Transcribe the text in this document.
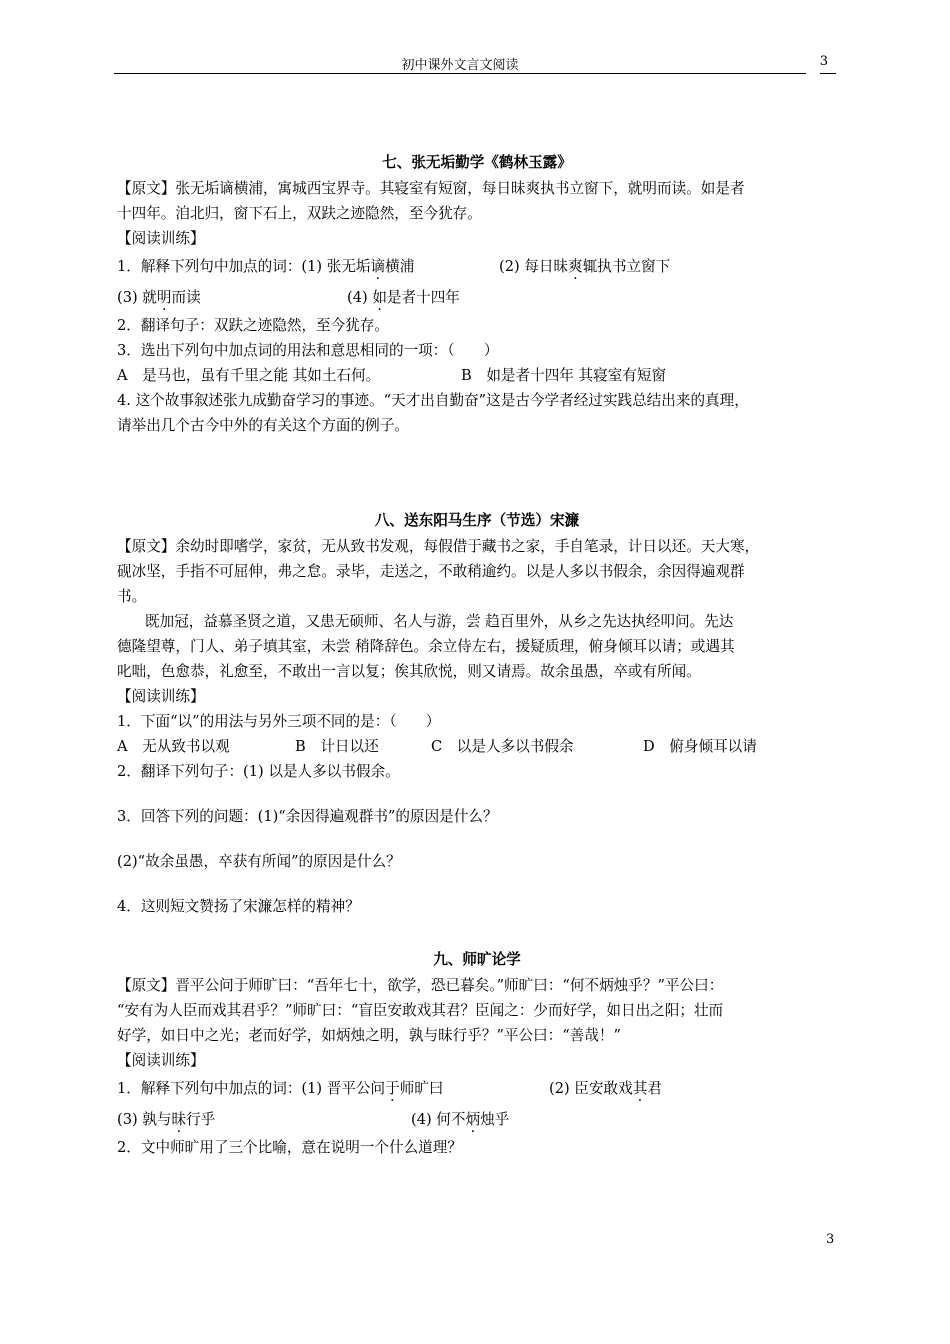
初中课外文言文阅读	3
七、张无垢勤学《鹤林玉露》
【原文】张无垢谪横浦，寓城西宝界寺。其寝室有短窗，每日昧爽执书立窗下，就明而读。如是者
十四年。洎北归，窗下石上，双趺之迹隐然，至今犹存。
【阅读训练】
1．解释下列句中加点的词：(1) 张无垢谪横浦	(2) 每日昧爽辄执书立窗下
(3) 就明而读	(4) 如是者十四年
2．翻译句子：双趺之迹隐然，至今犹存。
3．选出下列句中加点词的用法和意思相同的一项：（　　）
A　是马也，虽有千里之能 其如土石何。	B　如是者十四年 其寝室有短窗
4. 这个故事叙述张九成勤奋学习的事迹。“天才出自勤奋”这是古今学者经过实践总结出来的真理，
请举出几个古今中外的有关这个方面的例子。
八、送东阳马生序（节选）宋濂
【原文】余幼时即嗜学，家贫，无从致书发观，每假借于藏书之家，手自笔录，计日以还。天大寒，
砚冰坚，手指不可屈伸，弗之怠。录毕，走送之，不敢稍逾约。以是人多以书假余，余因得遍观群
书。
既加冠，益慕圣贤之道，又患无硕师、名人与游，尝 趋百里外，从乡之先达执经叩问。先达
德隆望尊，门人、弟子填其室，未尝 稍降辞色。余立侍左右，援疑质理，俯身倾耳以请；或遇其
叱咄，色愈恭，礼愈至，不敢出一言以复；俟其欣悦，则又请焉。故余虽愚，卒或有所闻。
【阅读训练】
1．下面“以”的用法与另外三项不同的是：（　　）
A　无从致书以观	B　计日以还	C　以是人多以书假余	D　俯身倾耳以请
2．翻译下列句子：(1) 以是人多以书假余。
3．回答下列的问题：(1)“余因得遍观群书”的原因是什么？
(2)“故余虽愚，卒获有所闻”的原因是什么？
4．这则短文赞扬了宋濂怎样的精神？
九、师旷论学
【原文】晋平公问于师旷曰：“吾年七十，欲学，恐已暮矣。”师旷曰：“何不炳烛乎？”平公曰：
“安有为人臣而戏其君乎？”师旷曰：“盲臣安敢戏其君？臣闻之：少而好学，如日出之阳；壮而
好学，如日中之光；老而好学，如炳烛之明，孰与昧行乎？”平公曰：“善哉！”
【阅读训练】
1．解释下列句中加点的词：(1) 晋平公问于师旷曰	(2) 臣安敢戏其君
(3) 孰与昧行乎	(4) 何不炳烛乎
2．文中师旷用了三个比喻，意在说明一个什么道理？
3
